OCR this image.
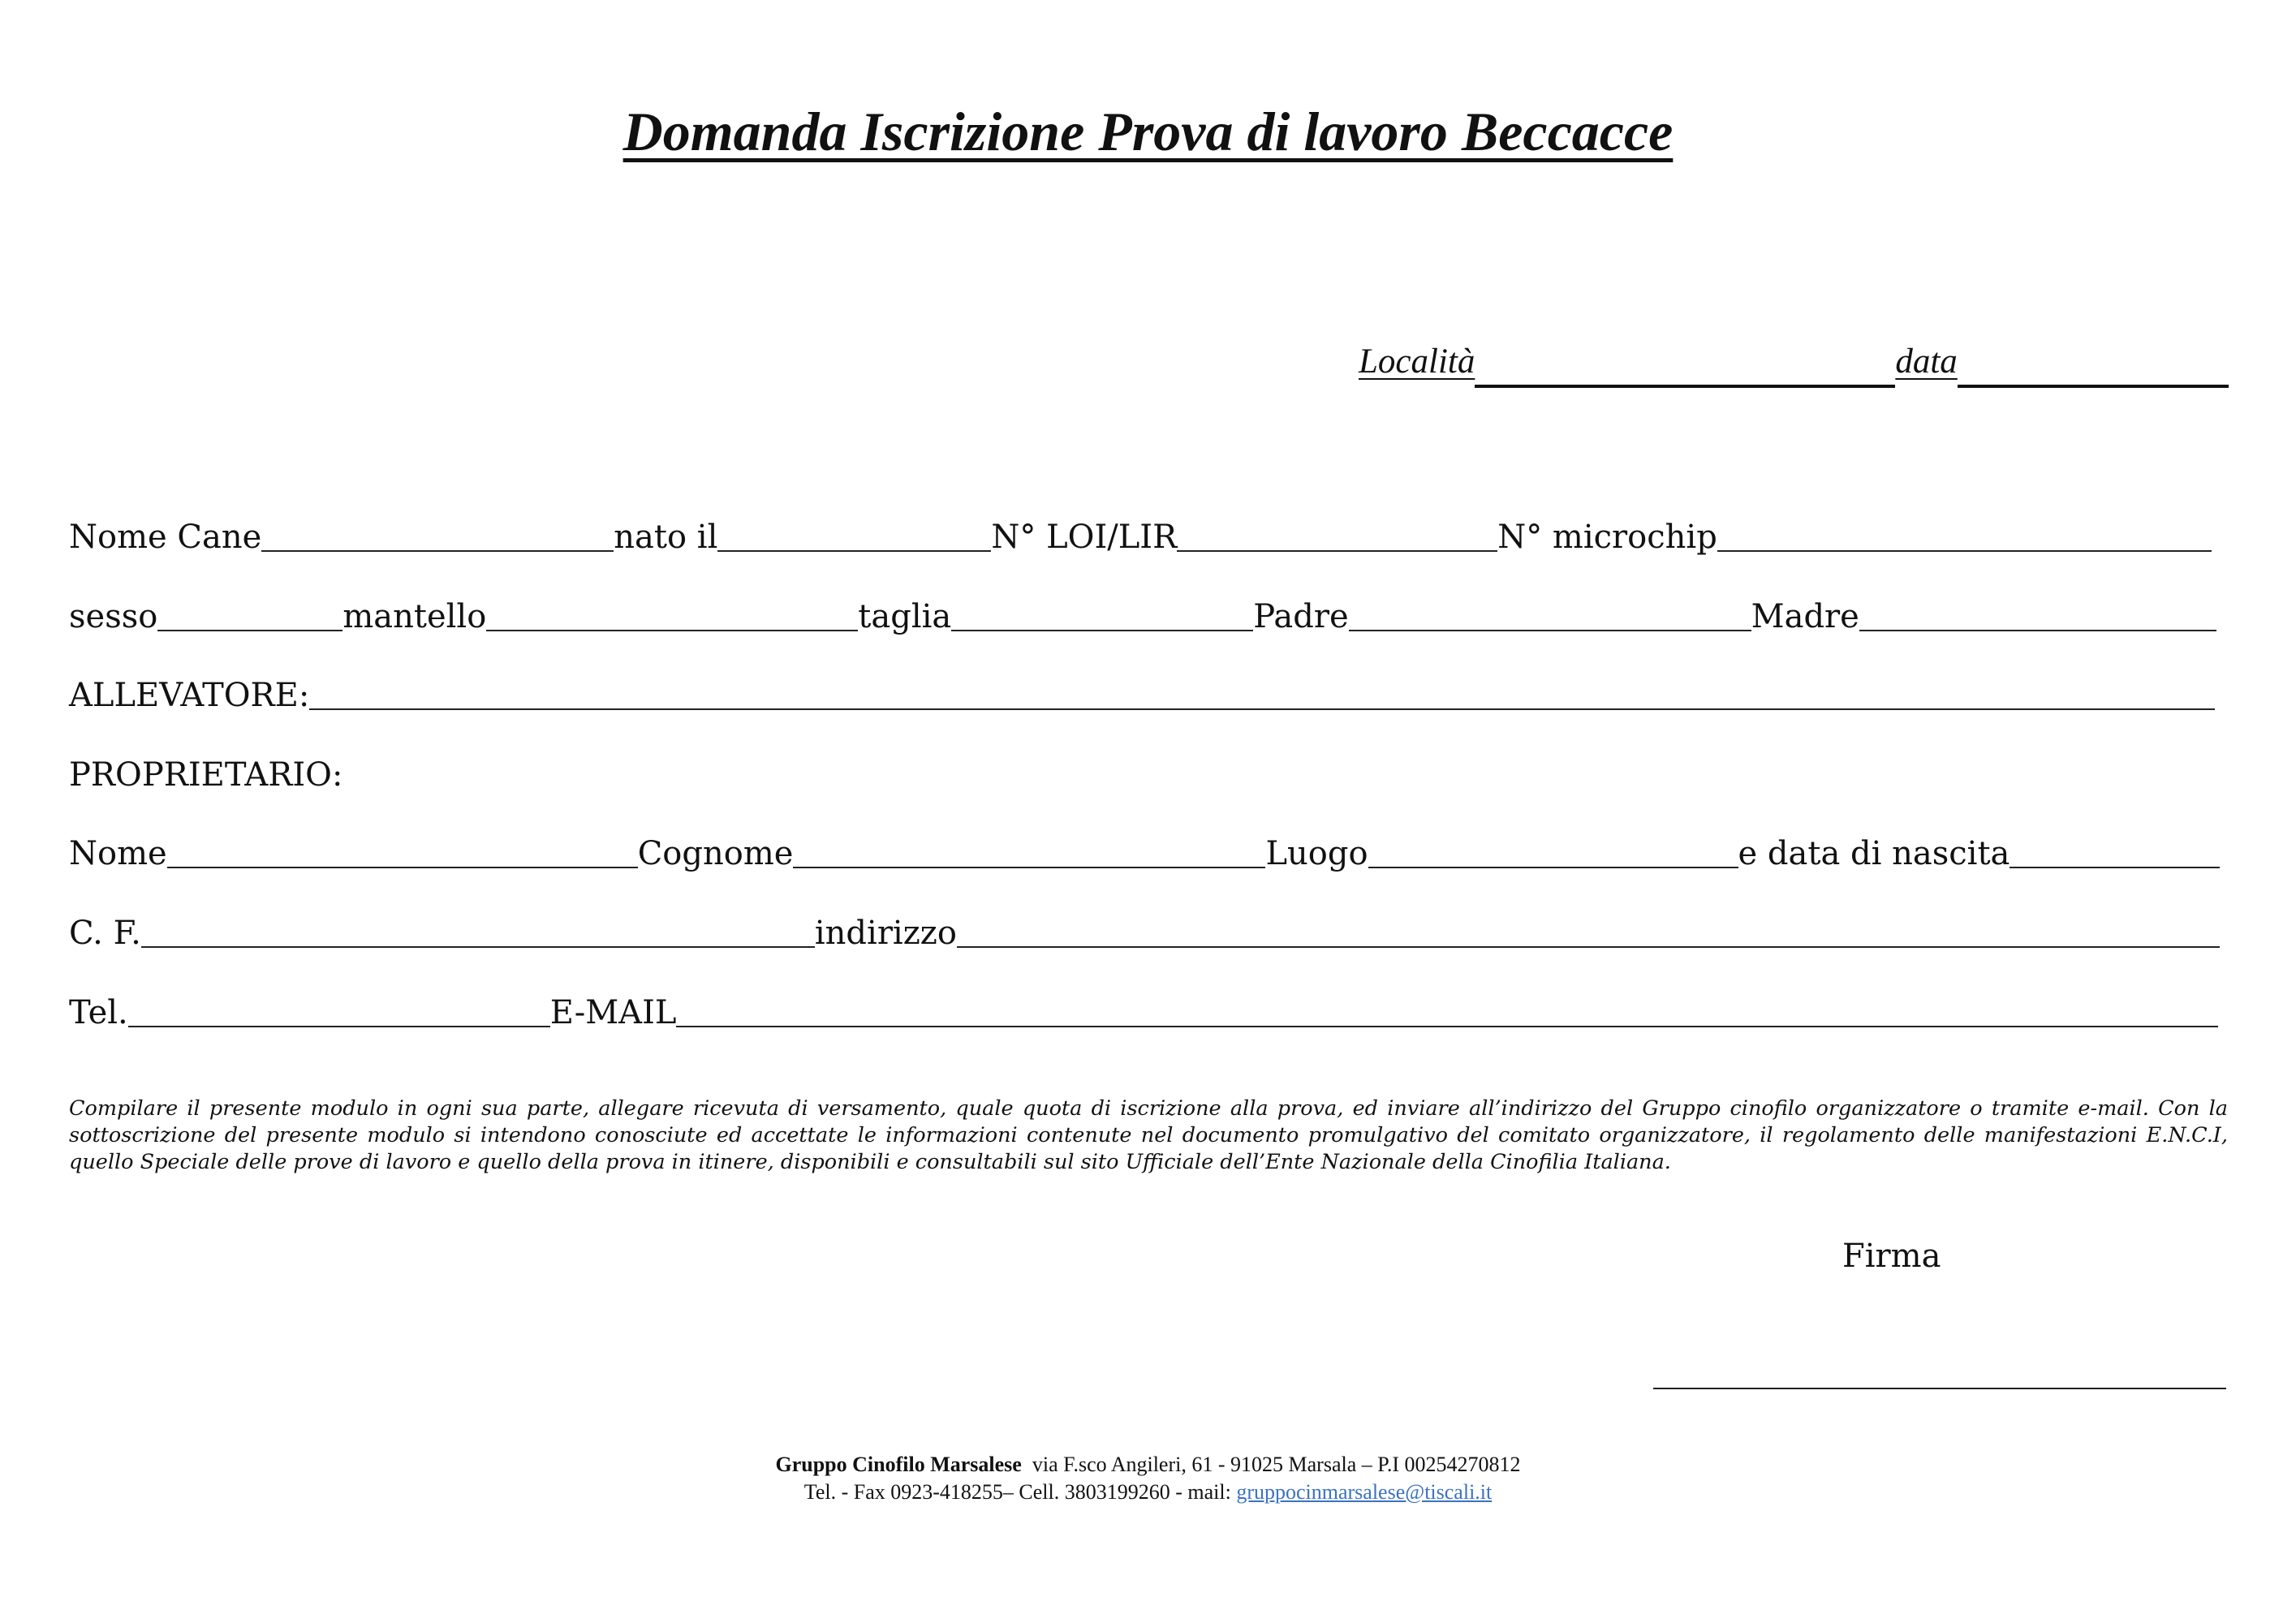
Domanda Iscrizione Prova di lavoro Beccacce
Località	data
Nome Cane	nato il	N° LOI/LIR	N° microchip
sesso	mantello	taglia	Padre	Madre
ALLEVATORE:
PROPRIETARIO:
Nome	Cognome	Luogo	e data di nascita
C. F.	indirizzo
Tel.	E-MAIL
Compilare il presente modulo in ogni sua parte, allegare ricevuta di versamento, quale quota di iscrizione alla prova, ed inviare all’indirizzo del Gruppo cinofilo organizzatore o tramite e-mail. Con la sottoscrizione del presente modulo si intendono conosciute ed accettate le informazioni contenute nel documento promulgativo del comitato organizzatore, il regolamento delle manifestazioni E.N.C.I, quello Speciale delle prove di lavoro e quello della prova in itinere, disponibili e consultabili sul sito Ufficiale dell’Ente Nazionale della Cinofilia Italiana.
Firma
Gruppo Cinofilo Marsalese via F.sco Angileri, 61 - 91025 Marsala – P.I 00254270812
Tel. - Fax 0923-418255– Cell. 3803199260 - mail: gruppocinmarsalese@tiscali.it
